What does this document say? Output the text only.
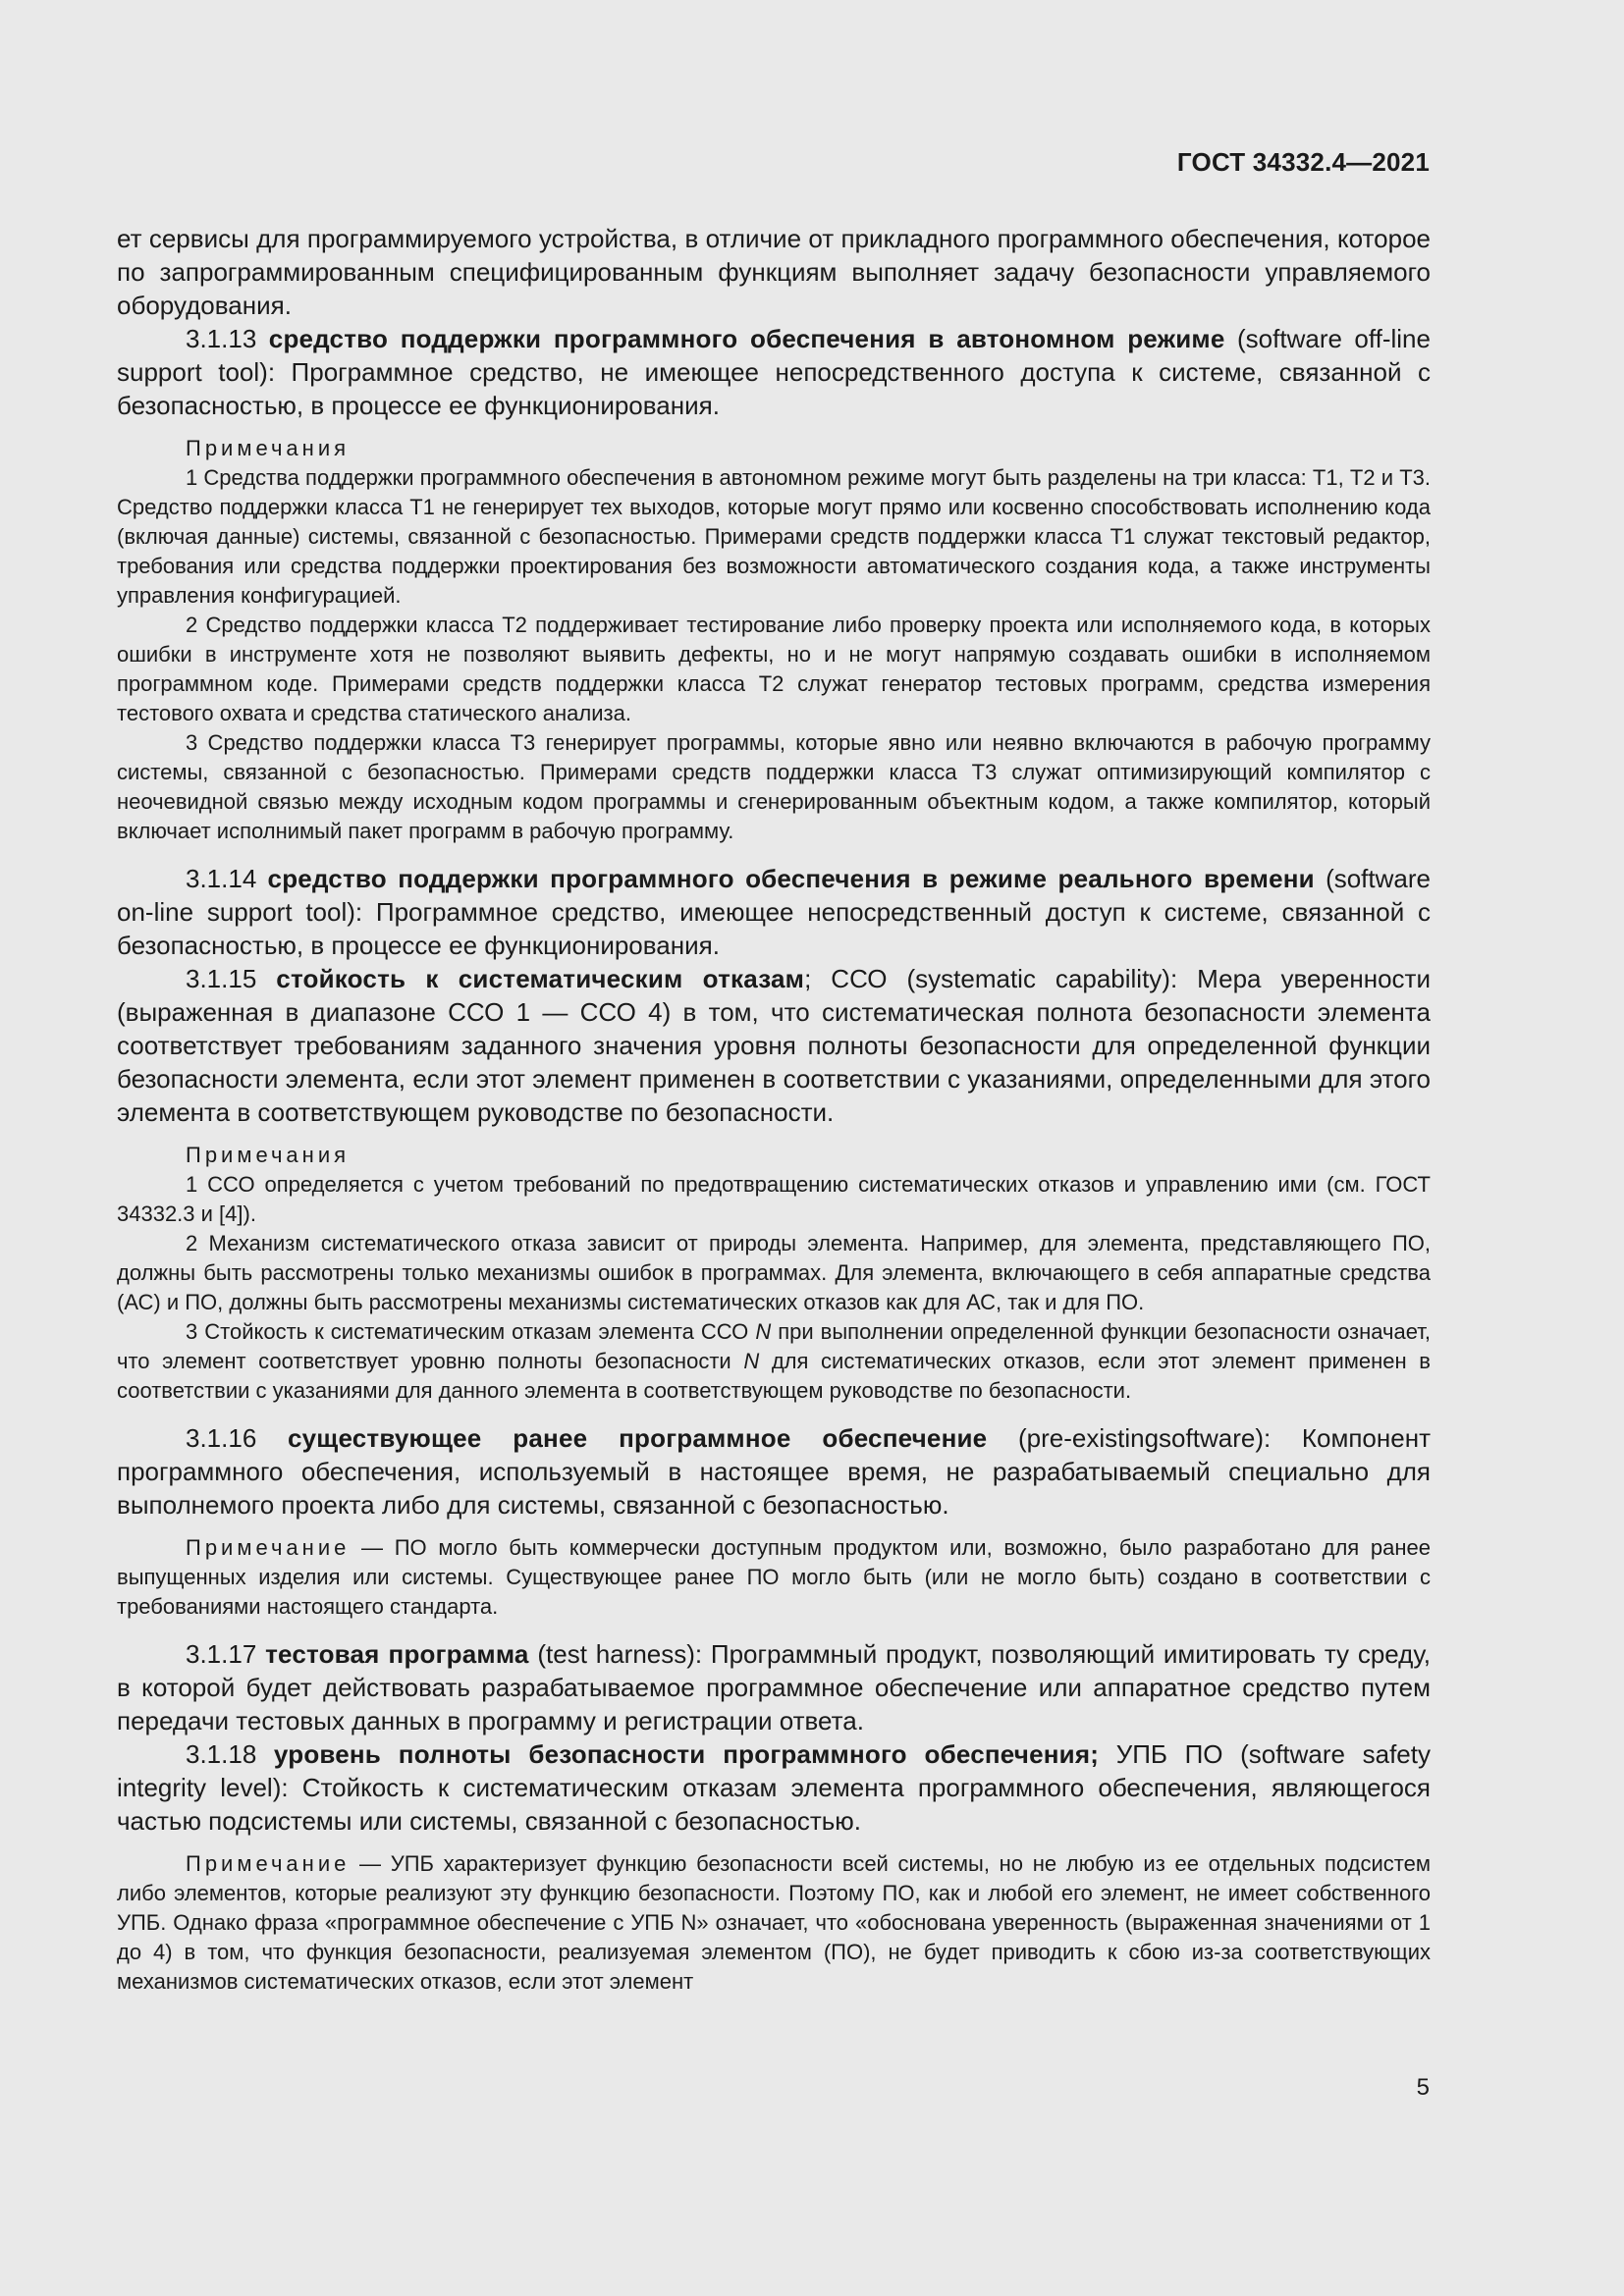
ГОСТ 34332.4—2021

ет сервисы для программируемого устройства, в отличие от прикладного программного обеспечения, которое по запрограммированным специфицированным функциям выполняет задачу безопасности управляемого оборудования.

3.1.13 средство поддержки программного обеспечения в автономном режиме (software off-line support tool): Программное средство, не имеющее непосредственного доступа к системе, связанной с безопасностью, в процессе ее функционирования.

Примечания

1 Средства поддержки программного обеспечения в автономном режиме могут быть разделены на три класса: Т1, Т2 и Т3. Средство поддержки класса Т1 не генерирует тех выходов, которые могут прямо или косвенно способствовать исполнению кода (включая данные) системы, связанной с безопасностью. Примерами средств поддержки класса Т1 служат текстовый редактор, требования или средства поддержки проектирования без возможности автоматического создания кода, а также инструменты управления конфигурацией.

2 Средство поддержки класса Т2 поддерживает тестирование либо проверку проекта или исполняемого кода, в которых ошибки в инструменте хотя не позволяют выявить дефекты, но и не могут напрямую создавать ошибки в исполняемом программном коде. Примерами средств поддержки класса Т2 служат генератор тестовых программ, средства измерения тестового охвата и средства статического анализа.

3 Средство поддержки класса Т3 генерирует программы, которые явно или неявно включаются в рабочую программу системы, связанной с безопасностью. Примерами средств поддержки класса Т3 служат оптимизирующий компилятор с неочевидной связью между исходным кодом программы и сгенерированным объектным кодом, а также компилятор, который включает исполнимый пакет программ в рабочую программу.

3.1.14 средство поддержки программного обеспечения в режиме реального времени (software on-line support tool): Программное средство, имеющее непосредственный доступ к системе, связанной с безопасностью, в процессе ее функционирования.

3.1.15 стойкость к систематическим отказам; ССО (systematic capability): Мера уверенности (выраженная в диапазоне ССО 1 — ССО 4) в том, что систематическая полнота безопасности элемента соответствует требованиям заданного значения уровня полноты безопасности для определенной функции безопасности элемента, если этот элемент применен в соответствии с указаниями, определенными для этого элемента в соответствующем руководстве по безопасности.

Примечания

1 ССО определяется с учетом требований по предотвращению систематических отказов и управлению ими (см. ГОСТ 34332.3 и [4]).

2 Механизм систематического отказа зависит от природы элемента. Например, для элемента, представляющего ПО, должны быть рассмотрены только механизмы ошибок в программах. Для элемента, включающего в себя аппаратные средства (АС) и ПО, должны быть рассмотрены механизмы систематических отказов как для АС, так и для ПО.

3 Стойкость к систематическим отказам элемента ССО N при выполнении определенной функции безопасности означает, что элемент соответствует уровню полноты безопасности N для систематических отказов, если этот элемент применен в соответствии с указаниями для данного элемента в соответствующем руководстве по безопасности.

3.1.16 существующее ранее программное обеспечение (pre-existingsoftware): Компонент программного обеспечения, используемый в настоящее время, не разрабатываемый специально для выполнемого проекта либо для системы, связанной с безопасностью.

Примечание — ПО могло быть коммерчески доступным продуктом или, возможно, было разработано для ранее выпущенных изделия или системы. Существующее ранее ПО могло быть (или не могло быть) создано в соответствии с требованиями настоящего стандарта.

3.1.17 тестовая программа (test harness): Программный продукт, позволяющий имитировать ту среду, в которой будет действовать разрабатываемое программное обеспечение или аппаратное средство путем передачи тестовых данных в программу и регистрации ответа.

3.1.18 уровень полноты безопасности программного обеспечения; УПБ ПО (software safety integrity level): Стойкость к систематическим отказам элемента программного обеспечения, являющегося частью подсистемы или системы, связанной с безопасностью.

Примечание — УПБ характеризует функцию безопасности всей системы, но не любую из ее отдельных подсистем либо элементов, которые реализуют эту функцию безопасности. Поэтому ПО, как и любой его элемент, не имеет собственного УПБ. Однако фраза «программное обеспечение с УПБ N» означает, что «обоснована уверенность (выраженная значениями от 1 до 4) в том, что функция безопасности, реализуемая элементом (ПО), не будет приводить к сбою из-за соответствующих механизмов систематических отказов, если этот элемент

5
